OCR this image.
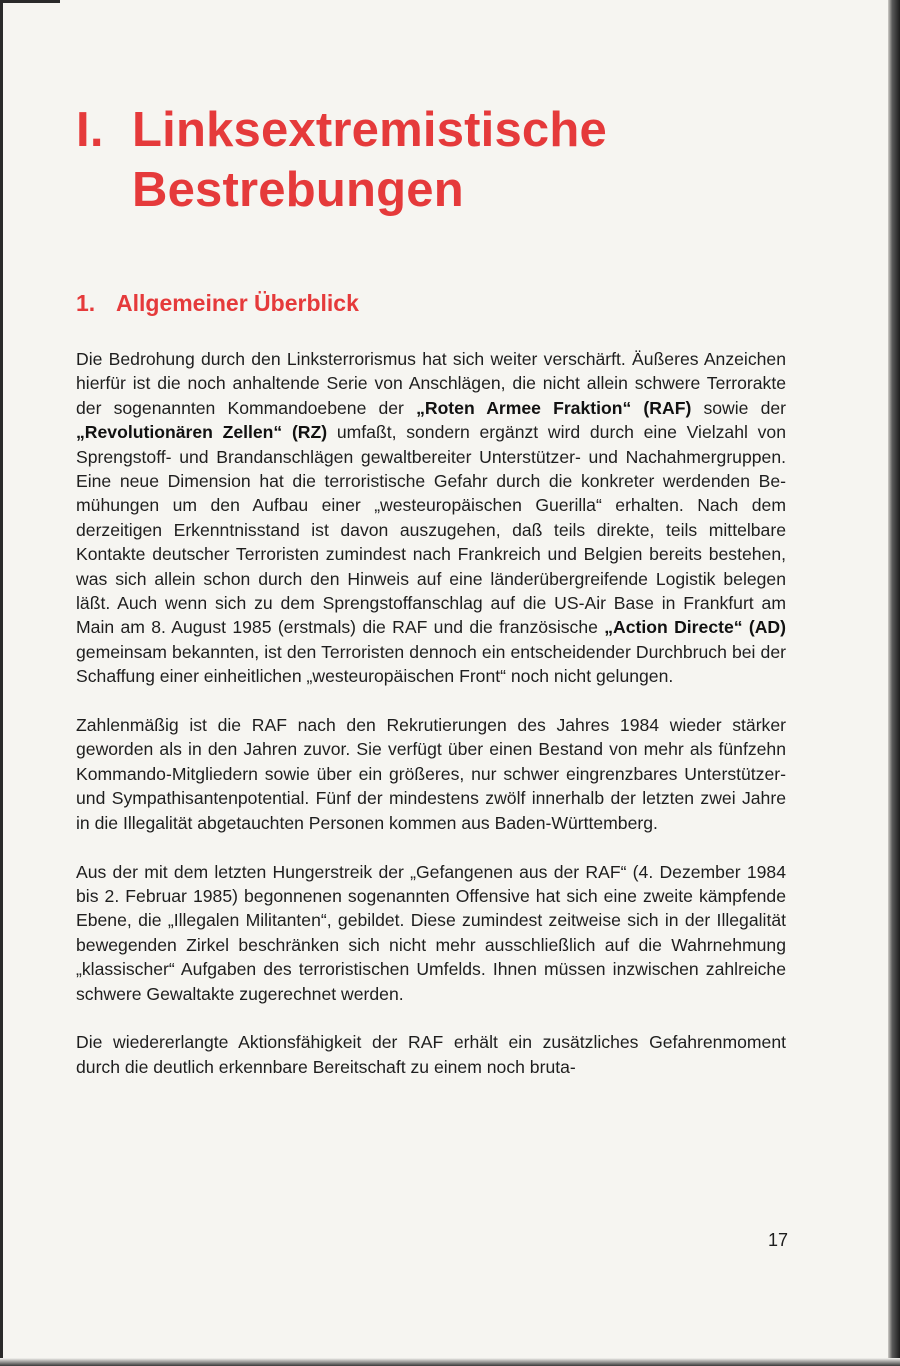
I. Linksextremistische
Bestrebungen
1. Allgemeiner Überblick

Die Bedrohung durch den Linksterrorismus hat sich weiter verschärft. Äußeres Anzeichen hierfür ist die noch anhaltende Serie von Anschlägen, die nicht allein schwere Terrorakte der sogenannten Kommandoebene der „Roten Armee Fraktion“ (RAF) sowie der „Revolutionären Zellen“ (RZ) umfaßt, sondern ergänzt wird durch eine Vielzahl von Sprengstoff- und Brandanschlägen gewaltbereiter Unterstützer- und Nachahmergruppen. Eine neue Dimension hat die terroristische Gefahr durch die konkreter werdenden Bemühungen um den Aufbau einer „westeuropäischen Guerilla“ erhalten. Nach dem derzeitigen Erkenntnisstand ist davon auszugehen, daß teils direkte, teils mittelbare Kontakte deutscher Terroristen zumindest nach Frankreich und Belgien bereits bestehen, was sich allein schon durch den Hinweis auf eine länderübergreifende Logistik belegen läßt. Auch wenn sich zu dem Sprengstoffanschlag auf die US-Air Base in Frankfurt am Main am 8. August 1985 (erstmals) die RAF und die französische „Action Directe“ (AD) gemeinsam bekannten, ist den Terroristen dennoch ein entscheidender Durchbruch bei der Schaffung einer einheitlichen „westeuropäischen Front“ noch nicht gelungen.

Zahlenmäßig ist die RAF nach den Rekrutierungen des Jahres 1984 wieder stärker geworden als in den Jahren zuvor. Sie verfügt über einen Bestand von mehr als fünfzehn Kommando-Mitgliedern sowie über ein größeres, nur schwer eingrenzbares Unterstützer- und Sympathisantenpotential. Fünf der mindestens zwölf innerhalb der letzten zwei Jahre in die Illegalität abgetauchten Personen kommen aus Baden-Württemberg.

Aus der mit dem letzten Hungerstreik der „Gefangenen aus der RAF“ (4. Dezember 1984 bis 2. Februar 1985) begonnenen sogenannten Offensive hat sich eine zweite kämpfende Ebene, die „Illegalen Militanten“, gebildet. Diese zumindest zeitweise sich in der Illegalität bewegenden Zirkel beschränken sich nicht mehr ausschließlich auf die Wahrnehmung „klassischer“ Aufgaben des terroristischen Umfelds. Ihnen müssen inzwischen zahlreiche schwere Gewaltakte zugerechnet werden.

Die wiedererlangte Aktionsfähigkeit der RAF erhält ein zusätzliches Gefahrenmoment durch die deutlich erkennbare Bereitschaft zu einem noch bruta-

17
